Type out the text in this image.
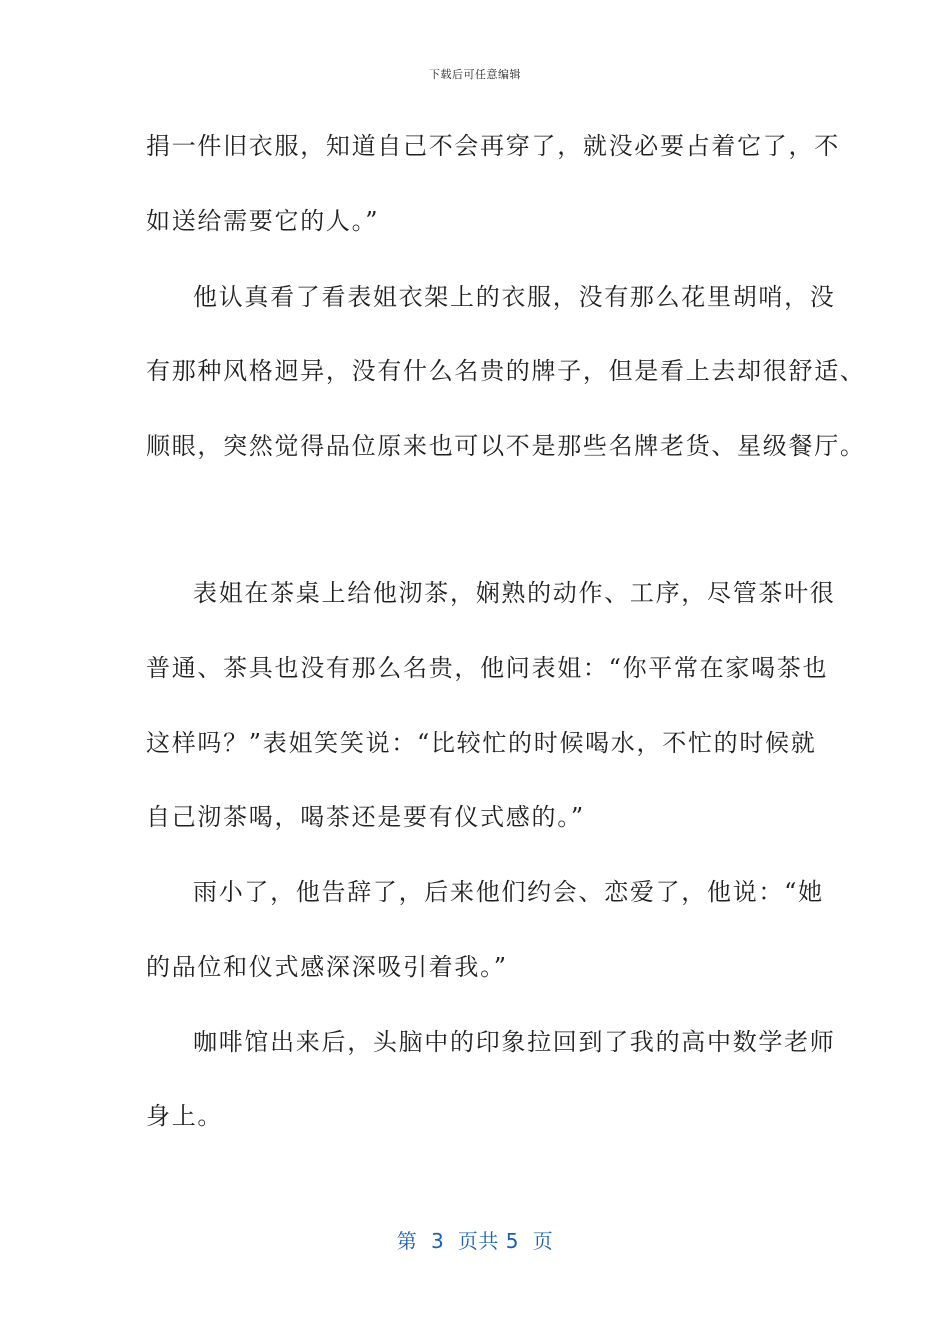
下载后可任意编辑
捐一件旧衣服，知道自己不会再穿了，就没必要占着它了，不
如送给需要它的人。”
他认真看了看表姐衣架上的衣服，没有那么花里胡哨，没
有那种风格迥异，没有什么名贵的牌子，但是看上去却很舒适、
顺眼，突然觉得品位原来也可以不是那些名牌老货、星级餐厅。
表姐在茶桌上给他沏茶，娴熟的动作、工序，尽管茶叶很
普通、茶具也没有那么名贵，他问表姐：“你平常在家喝茶也
这样吗？”表姐笑笑说：“比较忙的时候喝水，不忙的时候就
自己沏茶喝，喝茶还是要有仪式感的。”
雨小了，他告辞了，后来他们约会、恋爱了，他说：“她
的品位和仪式感深深吸引着我。”
咖啡馆出来后，头脑中的印象拉回到了我的高中数学老师
身上。
第  3  页共 5  页
